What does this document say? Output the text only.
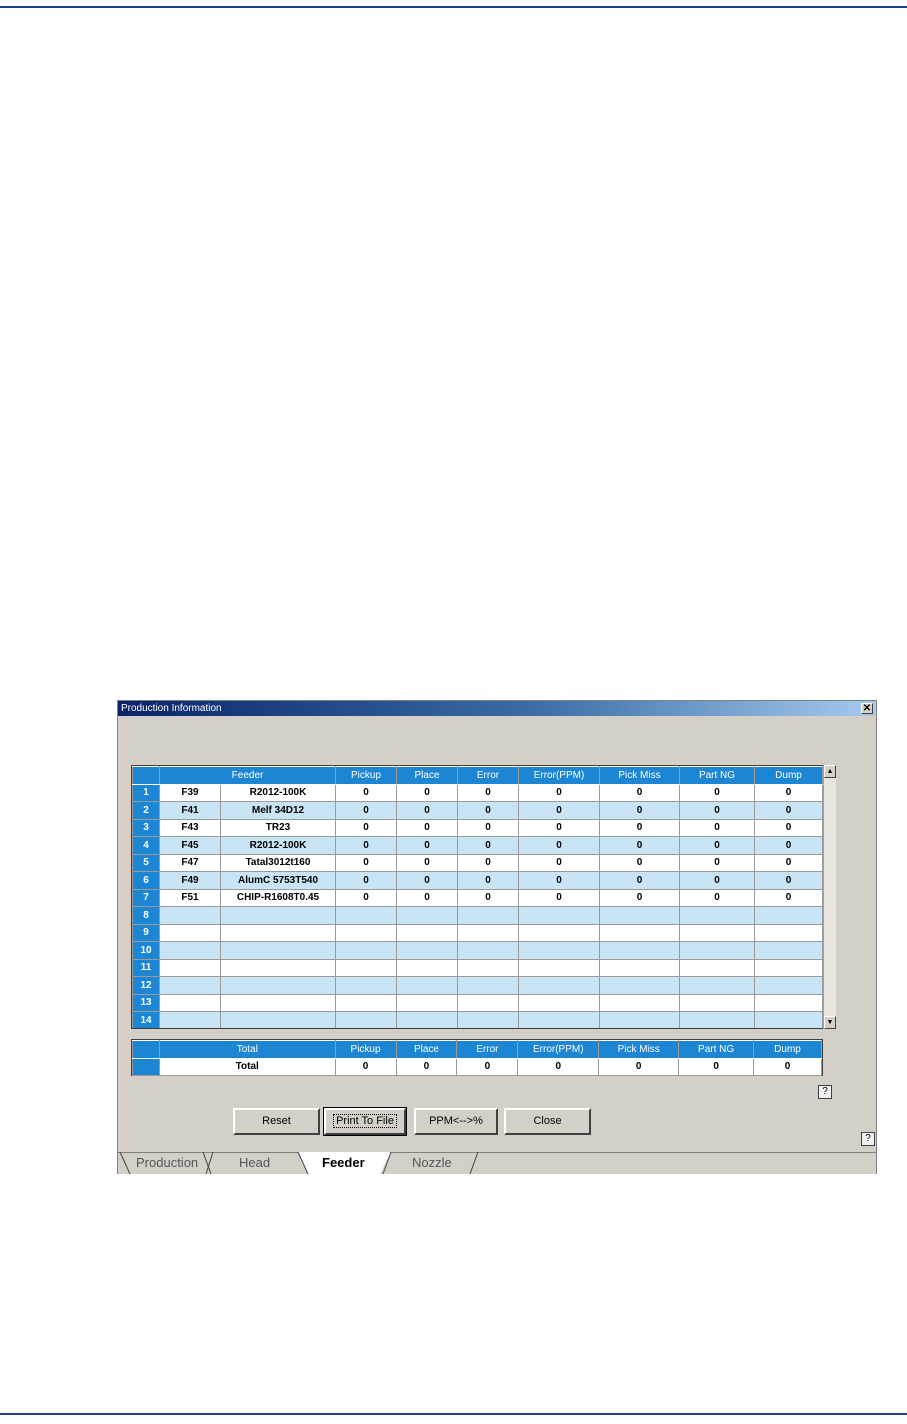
Production Information	✕
	Feeder		Pickup	Place	Error	Error(PPM)	Pick Miss	Part NG	Dump
1	F39	R2012-100K	0	0	0	0	0	0	0
2	F41	Melf 34D12	0	0	0	0	0	0	0
3	F43	TR23	0	0	0	0	0	0	0
4	F45	R2012-100K	0	0	0	0	0	0	0
5	F47	Tatal3012t160	0	0	0	0	0	0	0
6	F49	AlumC 5753T540	0	0	0	0	0	0	0
7	F51	CHIP-R1608T0.45	0	0	0	0	0	0	0
8									
9									
10									
11									
12									
13									
14									
▲
▼
	Total	Pickup	Place	Error	Error(PPM)	Pick Miss	Part NG	Dump
	Total	0	0	0	0	0	0	0
?
Reset	Print To File	PPM<-->%	Close
?
Production	Head	Feeder	Nozzle
